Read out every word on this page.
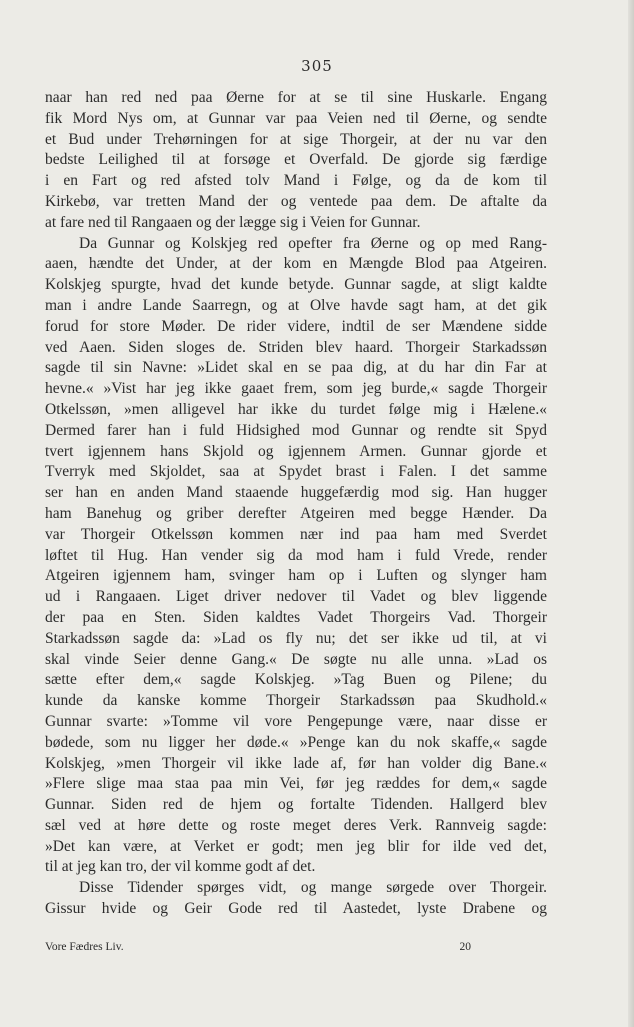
305
naar han red ned paa Øerne for at se til sine Huskarle. Engang
fik Mord Nys om, at Gunnar var paa Veien ned til Øerne, og sendte
et Bud under Trehørningen for at sige Thorgeir, at der nu var den
bedste Leilighed til at forsøge et Overfald. De gjorde sig færdige
i en Fart og red afsted tolv Mand i Følge, og da de kom til
Kirkebø, var tretten Mand der og ventede paa dem. De aftalte da
at fare ned til Rangaaen og der lægge sig i Veien for Gunnar.
Da Gunnar og Kolskjeg red opefter fra Øerne og op med Rang-
aaen, hændte det Under, at der kom en Mængde Blod paa Atgeiren.
Kolskjeg spurgte, hvad det kunde betyde. Gunnar sagde, at sligt kaldte
man i andre Lande Saarregn, og at Olve havde sagt ham, at det gik
forud for store Møder. De rider videre, indtil de ser Mændene sidde
ved Aaen. Siden sloges de. Striden blev haard. Thorgeir Starkadssøn
sagde til sin Navne: »Lidet skal en se paa dig, at du har din Far at
hevne.« »Vist har jeg ikke gaaet frem, som jeg burde,« sagde Thorgeir
Otkelssøn, »men alligevel har ikke du turdet følge mig i Hælene.«
Dermed farer han i fuld Hidsighed mod Gunnar og rendte sit Spyd
tvert igjennem hans Skjold og igjennem Armen. Gunnar gjorde et
Tverryk med Skjoldet, saa at Spydet brast i Falen. I det samme
ser han en anden Mand staaende huggefærdig mod sig. Han hugger
ham Banehug og griber derefter Atgeiren med begge Hænder. Da
var Thorgeir Otkelssøn kommen nær ind paa ham med Sverdet
løftet til Hug. Han vender sig da mod ham i fuld Vrede, render
Atgeiren igjennem ham, svinger ham op i Luften og slynger ham
ud i Rangaaen. Liget driver nedover til Vadet og blev liggende
der paa en Sten. Siden kaldtes Vadet Thorgeirs Vad. Thorgeir
Starkadssøn sagde da: »Lad os fly nu; det ser ikke ud til, at vi
skal vinde Seier denne Gang.« De søgte nu alle unna. »Lad os
sætte efter dem,« sagde Kolskjeg. »Tag Buen og Pilene; du
kunde da kanske komme Thorgeir Starkadssøn paa Skudhold.«
Gunnar svarte: »Tomme vil vore Pengepunge være, naar disse er
bødede, som nu ligger her døde.« »Penge kan du nok skaffe,« sagde
Kolskjeg, »men Thorgeir vil ikke lade af, før han volder dig Bane.«
»Flere slige maa staa paa min Vei, før jeg ræddes for dem,« sagde
Gunnar. Siden red de hjem og fortalte Tidenden. Hallgerd blev
sæl ved at høre dette og roste meget deres Verk. Rannveig sagde:
»Det kan være, at Verket er godt; men jeg blir for ilde ved det,
til at jeg kan tro, der vil komme godt af det.
Disse Tidender spørges vidt, og mange sørgede over Thorgeir.
Gissur hvide og Geir Gode red til Aastedet, lyste Drabene og
Vore Fædres Liv.	20
